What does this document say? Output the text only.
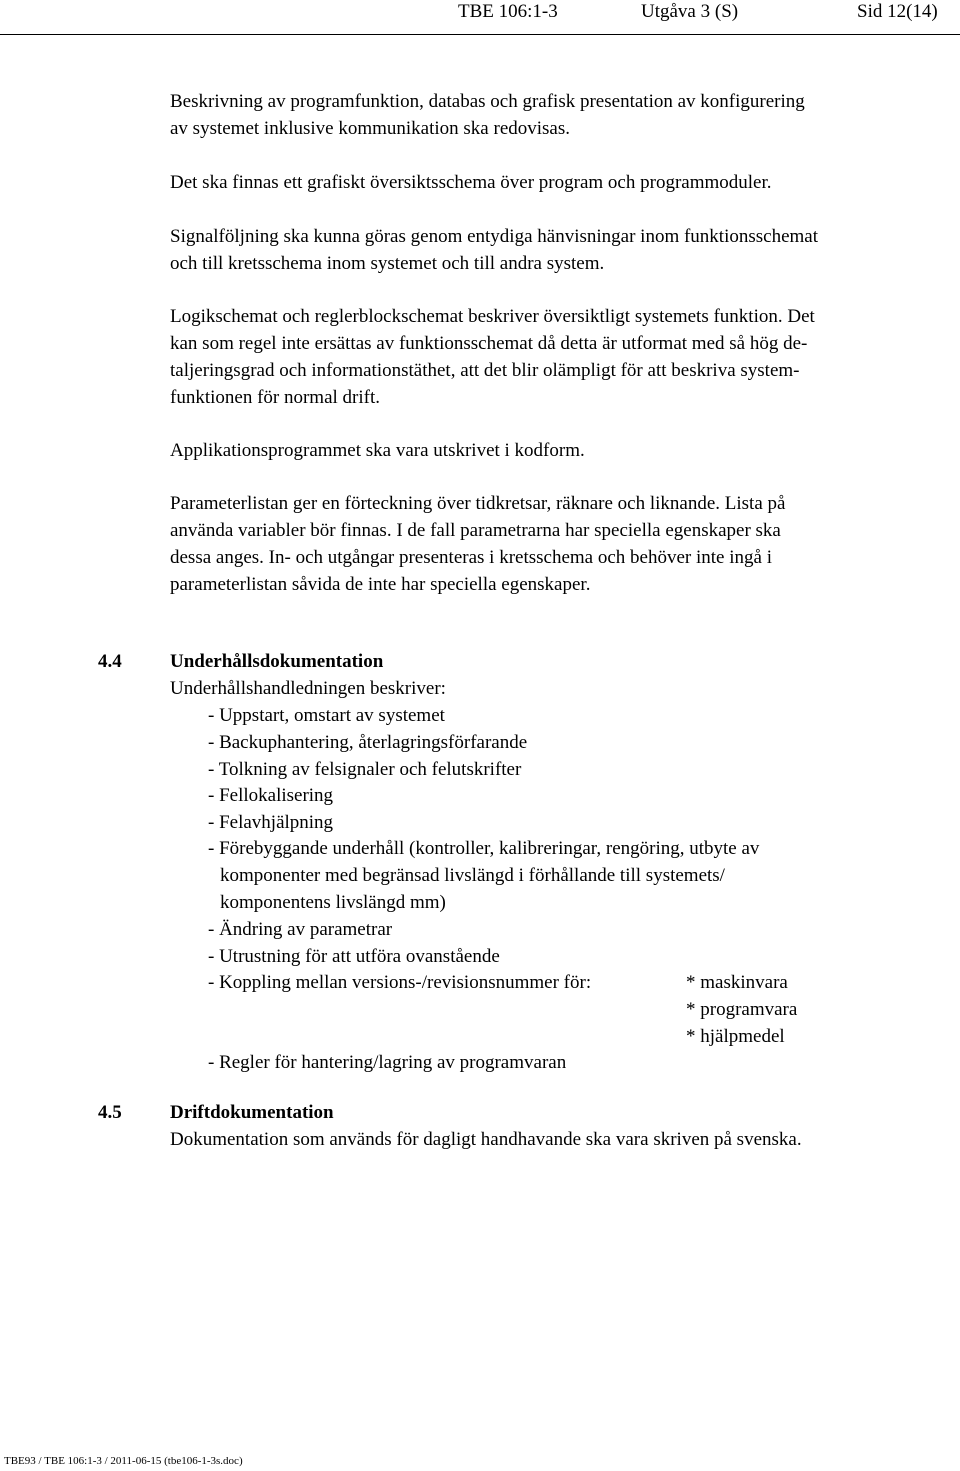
TBE 106:1-3	Utgåva 3 (S)	Sid 12(14)
Beskrivning av programfunktion, databas och grafisk presentation av konfigurering
av systemet inklusive kommunikation ska redovisas.
Det ska finnas ett grafiskt översiktsschema över program och programmoduler.
Signalföljning ska kunna göras genom entydiga hänvisningar inom funktionsschemat
och till kretsschema inom systemet och till andra system.
Logikschemat och reglerblockschemat beskriver översiktligt systemets funktion. Det
kan som regel inte ersättas av funktionsschemat då detta är utformat med så hög de-
taljeringsgrad och informationstäthet, att det blir olämpligt för att beskriva system-
funktionen för normal drift.
Applikationsprogrammet ska vara utskrivet i kodform.
Parameterlistan ger en förteckning över tidkretsar, räknare och liknande. Lista på
använda variabler bör finnas. I de fall parametrarna har speciella egenskaper ska
dessa anges. In- och utgångar presenteras i kretsschema och behöver inte ingå i
parameterlistan såvida de inte har speciella egenskaper.
4.4	Underhållsdokumentation
Underhållshandledningen beskriver:
- Uppstart, omstart av systemet
- Backuphantering, återlagringsförfarande
- Tolkning av felsignaler och felutskrifter
- Fellokalisering
- Felavhjälpning
- Förebyggande underhåll (kontroller, kalibreringar, rengöring, utbyte av
komponenter med begränsad livslängd i förhållande till systemets/
komponentens livslängd mm)
- Ändring av parametrar
- Utrustning för att utföra ovanstående
- Koppling mellan versions-/revisionsnummer för:	* maskinvara
* programvara
* hjälpmedel
- Regler för hantering/lagring av programvaran
4.5	Driftdokumentation
Dokumentation som används för dagligt handhavande ska vara skriven på svenska.
TBE93 / TBE 106:1-3 / 2011-06-15 (tbe106-1-3s.doc)
